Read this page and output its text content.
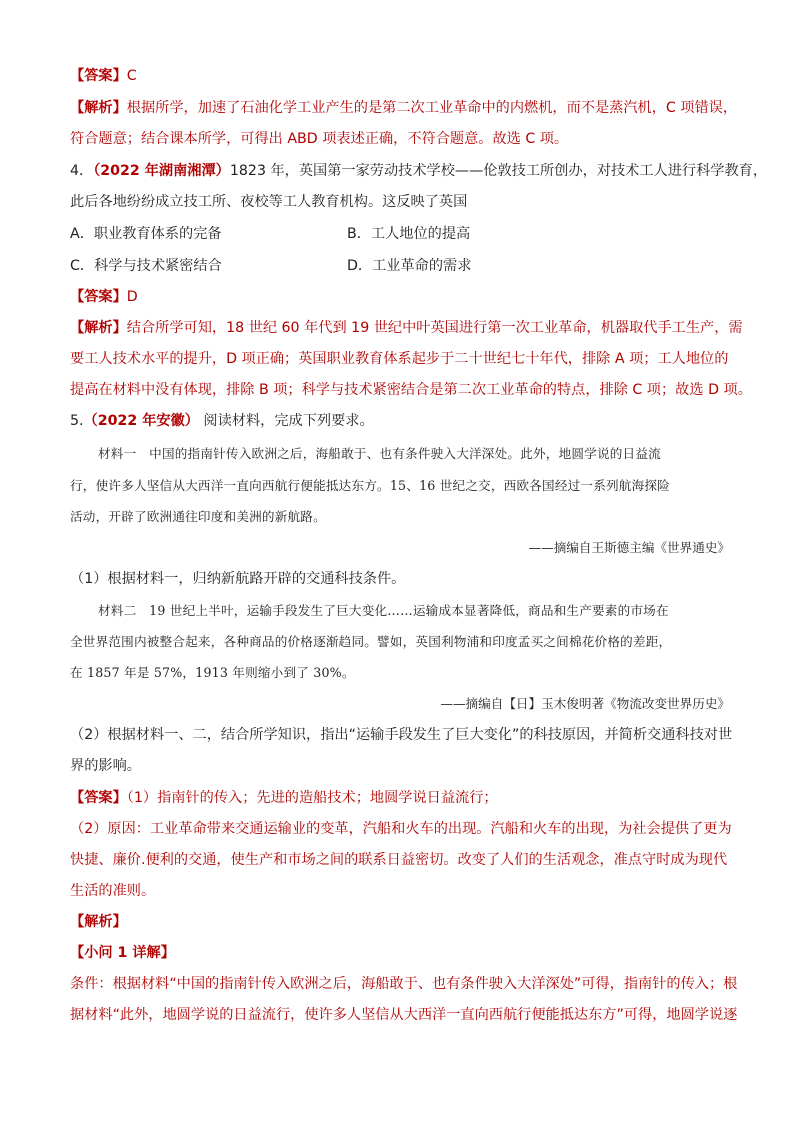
【答案】C
【解析】根据所学，加速了石油化学工业产生的是第二次工业革命中的内燃机，而不是蒸汽机，C 项错误，
符合题意；结合课本所学，可得出 ABD 项表述正确，不符合题意。故选 C 项。
4．（2022 年湖南湘潭）1823 年，英国第一家劳动技术学校——伦敦技工所创办，对技术工人进行科学教育，
此后各地纷纷成立技工所、夜校等工人教育机构。这反映了英国
A．职业教育体系的完备	B．工人地位的提高
C．科学与技术紧密结合	D．工业革命的需求
【答案】D
【解析】结合所学可知，18 世纪 60 年代到 19 世纪中叶英国进行第一次工业革命，机器取代手工生产，需
要工人技术水平的提升，D 项正确；英国职业教育体系起步于二十世纪七十年代，排除 A 项；工人地位的
提高在材料中没有体现，排除 B 项；科学与技术紧密结合是第二次工业革命的特点，排除 C 项；故选 D 项。
5.（2022 年安徽） 阅读材料，完成下列要求。
材料一　中国的指南针传入欧洲之后，海船敢于、也有条件驶入大洋深处。此外，地圆学说的日益流
行，使许多人坚信从大西洋一直向西航行便能抵达东方。15、16 世纪之交，西欧各国经过一系列航海探险
活动，开辟了欧洲通往印度和美洲的新航路。
——摘编自王斯德主编《世界通史》
（1）根据材料一，归纳新航路开辟的交通科技条件。
材料二　19 世纪上半叶，运输手段发生了巨大变化……运输成本显著降低，商品和生产要素的市场在
全世界范围内被整合起来，各种商品的价格逐渐趋同。譬如，英国利物浦和印度孟买之间棉花价格的差距，
在 1857 年是 57%，1913 年则缩小到了 30%。
——摘编自【日】玉木俊明著《物流改变世界历史》
（2）根据材料一、二，结合所学知识，指出“运输手段发生了巨大变化”的科技原因，并简析交通科技对世
界的影响。
【答案】（1）指南针的传入；先进的造船技术；地圆学说日益流行；
（2）原因：工业革命带来交通运输业的变革，汽船和火车的出现。汽船和火车的出现，为社会提供了更为
快捷、廉价.便利的交通，使生产和市场之间的联系日益密切。改变了人们的生活观念，准点守时成为现代
生活的准则。
【解析】
【小问 1 详解】
条件：根据材料“中国的指南针传入欧洲之后，海船敢于、也有条件驶入大洋深处”可得，指南针的传入；根
据材料“此外，地圆学说的日益流行，使许多人坚信从大西洋一直向西航行便能抵达东方”可得，地圆学说逐
